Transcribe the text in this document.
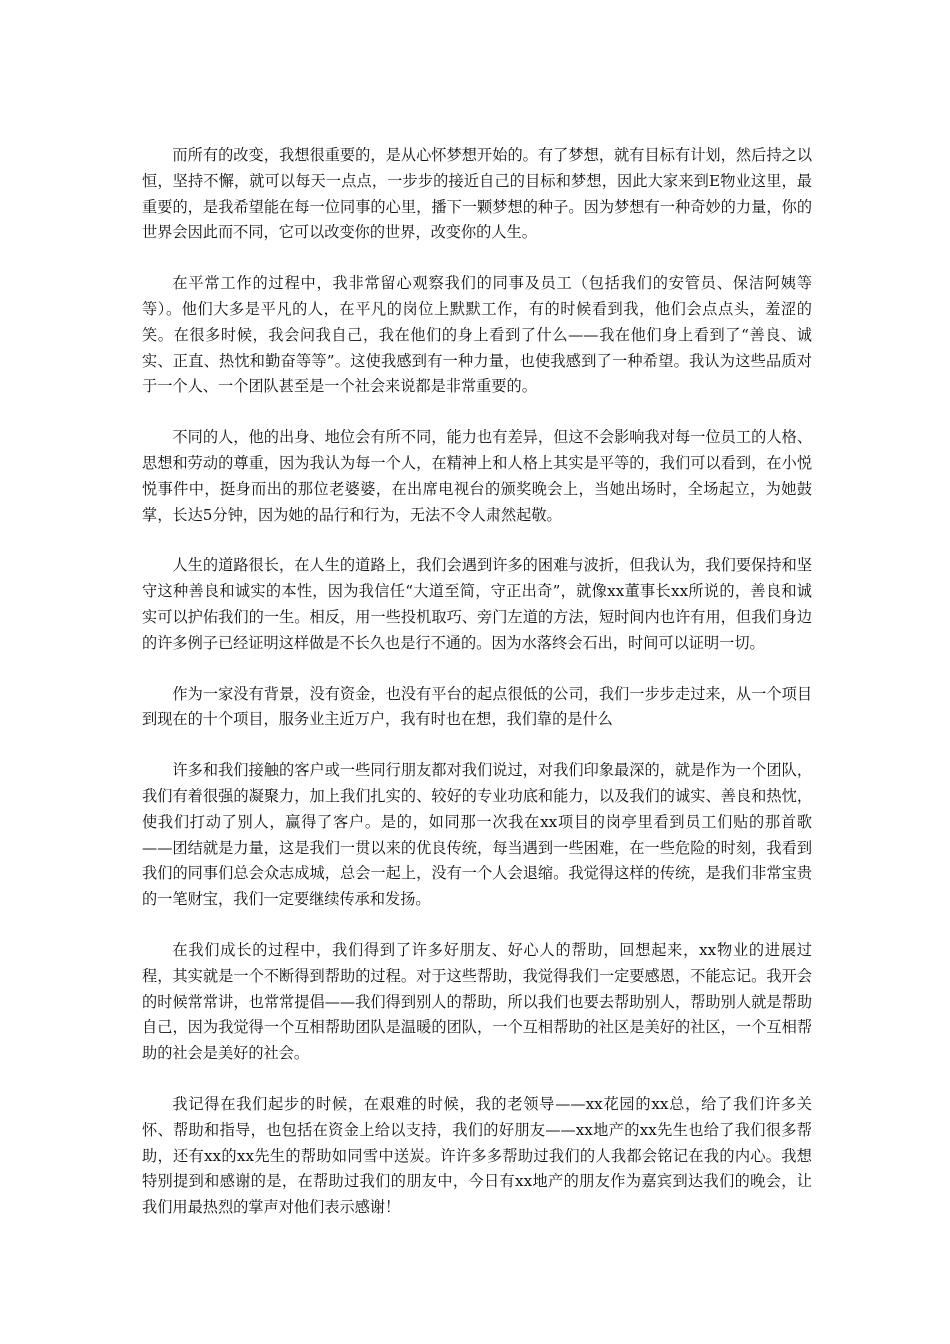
而所有的改变，我想很重要的，是从心怀梦想开始的。有了梦想，就有目标有计划，然后持之以恒，坚持不懈，就可以每天一点点，一步步的接近自己的目标和梦想，因此大家来到E物业这里，最重要的，是我希望能在每一位同事的心里，播下一颗梦想的种子。因为梦想有一种奇妙的力量，你的世界会因此而不同，它可以改变你的世界，改变你的人生。

在平常工作的过程中，我非常留心观察我们的同事及员工（包括我们的安管员、保洁阿姨等等）。他们大多是平凡的人，在平凡的岗位上默默工作，有的时候看到我，他们会点点头，羞涩的笑。在很多时候，我会问我自己，我在他们的身上看到了什么——我在他们身上看到了“善良、诚实、正直、热忱和勤奋等等”。这使我感到有一种力量，也使我感到了一种希望。我认为这些品质对于一个人、一个团队甚至是一个社会来说都是非常重要的。

不同的人，他的出身、地位会有所不同，能力也有差异，但这不会影响我对每一位员工的人格、思想和劳动的尊重，因为我认为每一个人，在精神上和人格上其实是平等的，我们可以看到，在小悦悦事件中，挺身而出的那位老婆婆，在出席电视台的颁奖晚会上，当她出场时，全场起立，为她鼓掌，长达5分钟，因为她的品行和行为，无法不令人肃然起敬。

人生的道路很长，在人生的道路上，我们会遇到许多的困难与波折，但我认为，我们要保持和坚守这种善良和诚实的本性，因为我信任“大道至简，守正出奇”，就像xx董事长xx所说的，善良和诚实可以护佑我们的一生。相反，用一些投机取巧、旁门左道的方法，短时间内也许有用，但我们身边的许多例子已经证明这样做是不长久也是行不通的。因为水落终会石出，时间可以证明一切。

作为一家没有背景，没有资金，也没有平台的起点很低的公司，我们一步步走过来，从一个项目到现在的十个项目，服务业主近万户，我有时也在想，我们靠的是什么

许多和我们接触的客户或一些同行朋友都对我们说过，对我们印象最深的，就是作为一个团队，我们有着很强的凝聚力，加上我们扎实的、较好的专业功底和能力，以及我们的诚实、善良和热忱，使我们打动了别人，赢得了客户。是的，如同那一次我在xx项目的岗亭里看到员工们贴的那首歌——团结就是力量，这是我们一贯以来的优良传统，每当遇到一些困难，在一些危险的时刻，我看到我们的同事们总会众志成城，总会一起上，没有一个人会退缩。我觉得这样的传统，是我们非常宝贵的一笔财宝，我们一定要继续传承和发扬。

在我们成长的过程中，我们得到了许多好朋友、好心人的帮助，回想起来，xx物业的进展过程，其实就是一个不断得到帮助的过程。对于这些帮助，我觉得我们一定要感恩，不能忘记。我开会的时候常常讲，也常常提倡——我们得到别人的帮助，所以我们也要去帮助别人，帮助别人就是帮助自己，因为我觉得一个互相帮助团队是温暖的团队，一个互相帮助的社区是美好的社区，一个互相帮助的社会是美好的社会。

我记得在我们起步的时候，在艰难的时候，我的老领导——xx花园的xx总，给了我们许多关怀、帮助和指导，也包括在资金上给以支持，我们的好朋友——xx地产的xx先生也给了我们很多帮助，还有xx的xx先生的帮助如同雪中送炭。许许多多帮助过我们的人我都会铭记在我的内心。我想特别提到和感谢的是，在帮助过我们的朋友中，今日有xx地产的朋友作为嘉宾到达我们的晚会，让我们用最热烈的掌声对他们表示感谢！
